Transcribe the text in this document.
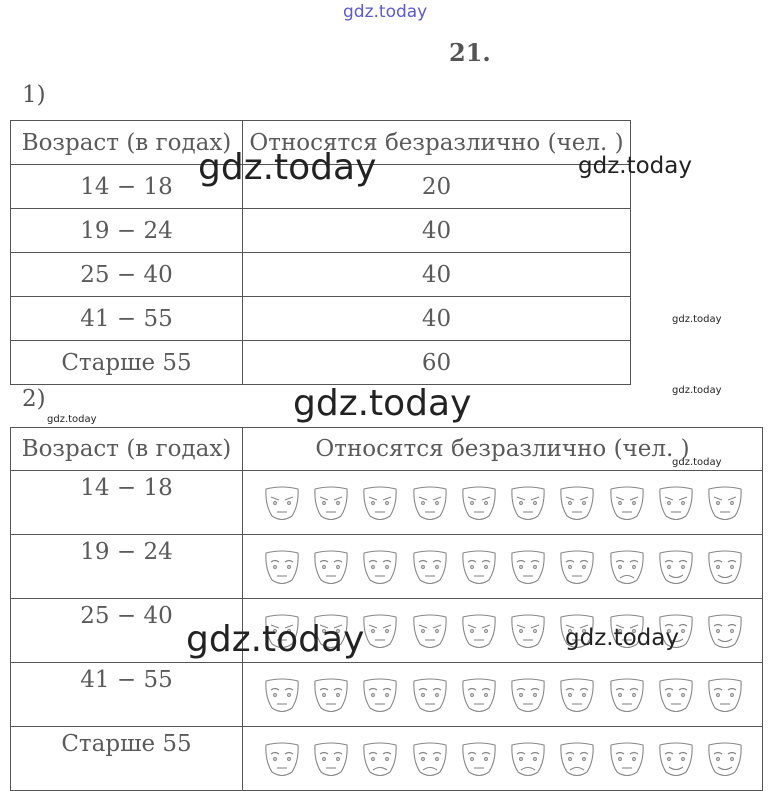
gdz.today
21.
1)
Возраст (в годах)	Относятся безразлично (чел. )
14 − 18	20
19 − 24	40
25 − 40	40
41 − 55	40
Старше 55	60
2)
Возраст (в годах)	Относятся безразлично (чел. )
14 − 18	

19 − 24	

25 − 40	

41 − 55	

Старше 55	
gdz.today	gdz.today
gdz.today
gdz.today
gdz.today	gdz.today
gdz.today
gdz.today	gdz.today
